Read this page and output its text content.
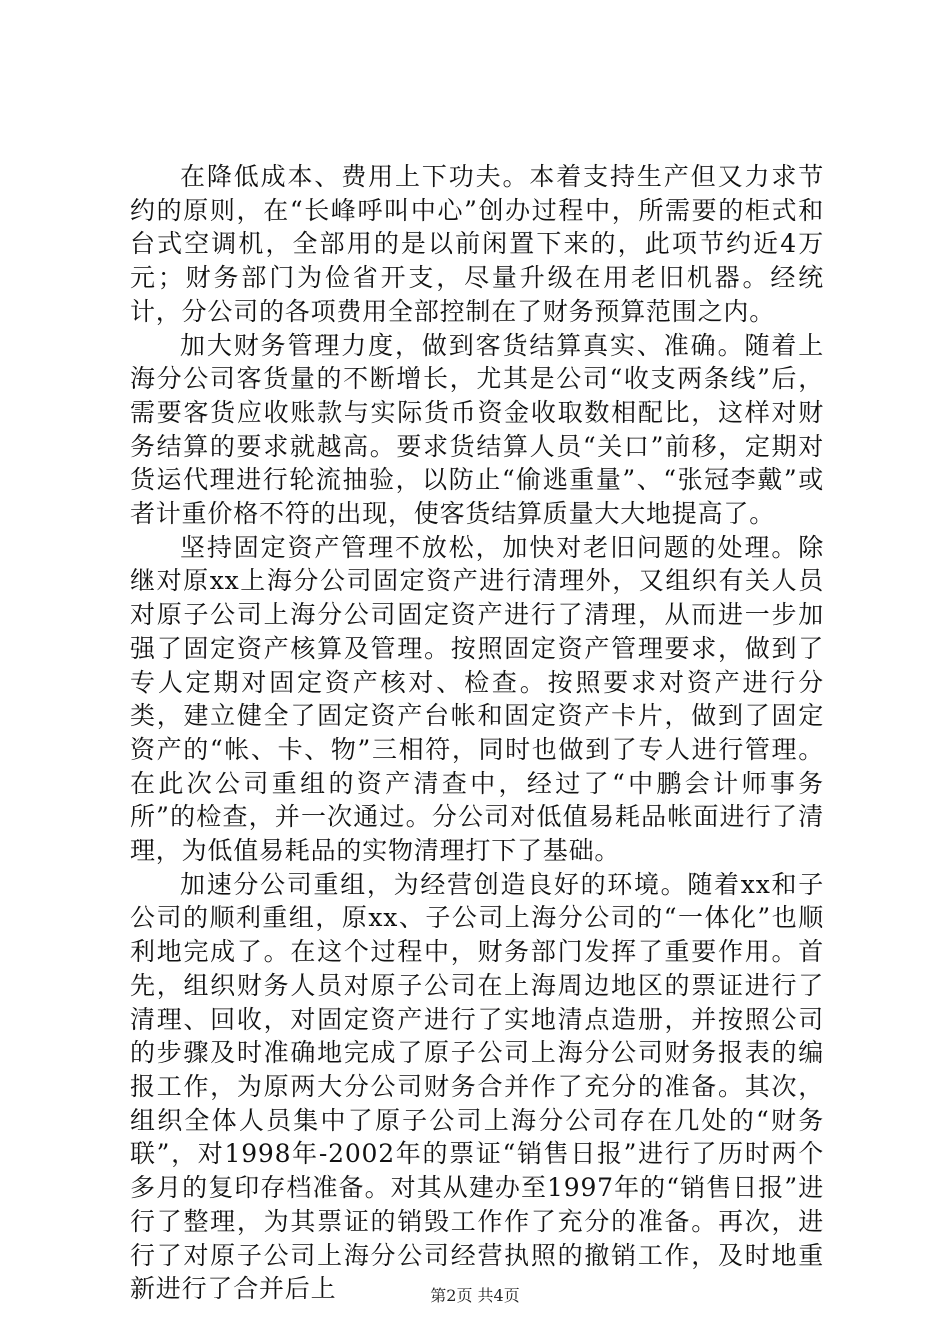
在降低成本、费用上下功夫。本着支持生产但又力求节约的原则，在“长峰呼叫中心”创办过程中，所需要的柜式和台式空调机，全部用的是以前闲置下来的，此项节约近4万元；财务部门为俭省开支，尽量升级在用老旧机器。经统计，分公司的各项费用全部控制在了财务预算范围之内。

加大财务管理力度，做到客货结算真实、准确。随着上海分公司客货量的不断增长，尤其是公司“收支两条线”后，需要客货应收账款与实际货币资金收取数相配比，这样对财务结算的要求就越高。要求货结算人员“关口”前移，定期对货运代理进行轮流抽验，以防止“偷逃重量”、“张冠李戴”或者计重价格不符的出现，使客货结算质量大大地提高了。

坚持固定资产管理不放松，加快对老旧问题的处理。除继对原xx上海分公司固定资产进行清理外，又组织有关人员对原子公司上海分公司固定资产进行了清理，从而进一步加强了固定资产核算及管理。按照固定资产管理要求，做到了专人定期对固定资产核对、检查。按照要求对资产进行分类，建立健全了固定资产台帐和固定资产卡片，做到了固定资产的“帐、卡、物”三相符，同时也做到了专人进行管理。在此次公司重组的资产清查中，经过了“中鹏会计师事务所”的检查，并一次通过。分公司对低值易耗品帐面进行了清理，为低值易耗品的实物清理打下了基础。

加速分公司重组，为经营创造良好的环境。随着xx和子公司的顺利重组，原xx、子公司上海分公司的“一体化”也顺利地完成了。在这个过程中，财务部门发挥了重要作用。首先，组织财务人员对原子公司在上海周边地区的票证进行了清理、回收，对固定资产进行了实地清点造册，并按照公司的步骤及时准确地完成了原子公司上海分公司财务报表的编报工作，为原两大分公司财务合并作了充分的准备。其次，组织全体人员集中了原子公司上海分公司存在几处的“财务联”，对1998年-2002年的票证“销售日报”进行了历时两个多月的复印存档准备。对其从建办至1997年的“销售日报”进行了整理，为其票证的销毁工作作了充分的准备。再次，进行了对原子公司上海分公司经营执照的撤销工作，及时地重新进行了合并后上	第2页 共4页
